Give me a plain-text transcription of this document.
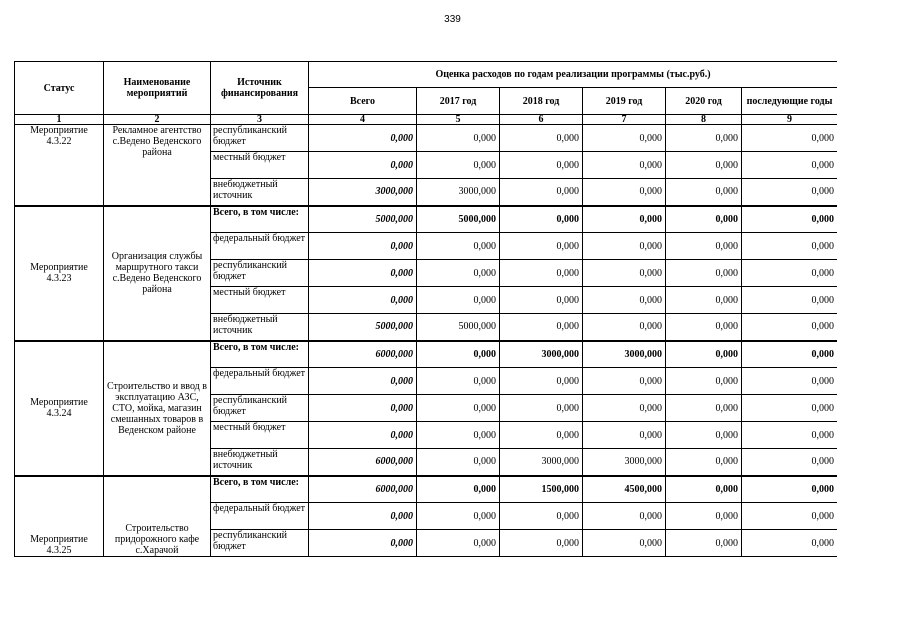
339
Статус	Наименование мероприятий	Источник финансирования	Оценка расходов по годам реализации программы (тыс.руб.)					
			Всего	2017 год	2018 год	2019 год	2020 год	последующие годы
1	2	3	4	5	6	7	8	9
Мероприятие 4.3.22	Рекламное агентство с.Ведено Веденского района	республиканский бюджет	0,000	0,000	0,000	0,000	0,000	0,000
		местный бюджет	0,000	0,000	0,000	0,000	0,000	0,000
		внебюджетный источник	3000,000	3000,000	0,000	0,000	0,000	0,000
Мероприятие 4.3.23	Организация службы маршрутного такси с.Ведено Веденского района	Всего, в том числе:	5000,000	5000,000	0,000	0,000	0,000	0,000
		федеральный бюджет	0,000	0,000	0,000	0,000	0,000	0,000
		республиканский бюджет	0,000	0,000	0,000	0,000	0,000	0,000
		местный бюджет	0,000	0,000	0,000	0,000	0,000	0,000
		внебюджетный источник	5000,000	5000,000	0,000	0,000	0,000	0,000
Мероприятие 4.3.24	Строительство и ввод в эксплуатацию АЗС, СТО, мойка, магазин смешанных товаров в Веденском районе	Всего, в том числе:	6000,000	0,000	3000,000	3000,000	0,000	0,000
		федеральный бюджет	0,000	0,000	0,000	0,000	0,000	0,000
		республиканский бюджет	0,000	0,000	0,000	0,000	0,000	0,000
		местный бюджет	0,000	0,000	0,000	0,000	0,000	0,000
		внебюджетный источник	6000,000	0,000	3000,000	3000,000	0,000	0,000
Мероприятие 4.3.25	Строительство придорожного кафе с.Харачой	Всего, в том числе:	6000,000	0,000	1500,000	4500,000	0,000	0,000
		федеральный бюджет	0,000	0,000	0,000	0,000	0,000	0,000
		республиканский бюджет	0,000	0,000	0,000	0,000	0,000	0,000
